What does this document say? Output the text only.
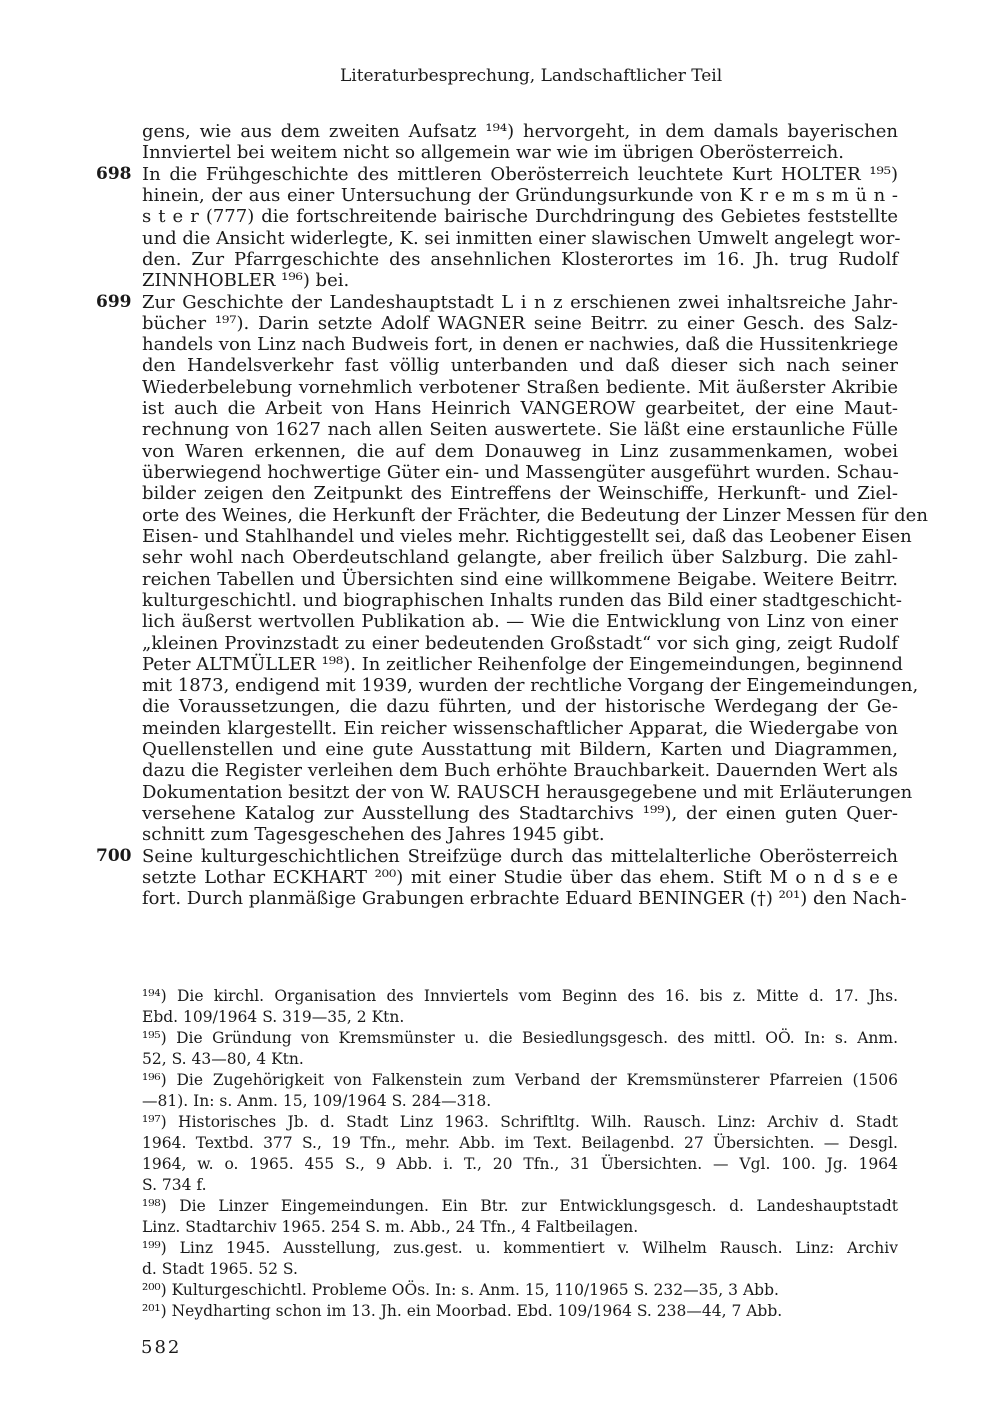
Literaturbesprechung, Landschaftlicher Teil
gens, wie aus dem zweiten Aufsatz ¹⁹⁴) hervorgeht, in dem damals bayerischen
Innviertel bei weitem nicht so allgemein war wie im übrigen Oberösterreich.
698 In die Frühgeschichte des mittleren Oberösterreich leuchtete Kurt HOLTER ¹⁹⁵)
hinein, der aus einer Untersuchung der Gründungsurkunde von K r e m s m ü n -
s t e r (777) die fortschreitende bairische Durchdringung des Gebietes feststellte
und die Ansicht widerlegte, K. sei inmitten einer slawischen Umwelt angelegt wor-
den. Zur Pfarrgeschichte des ansehnlichen Klosterortes im 16. Jh. trug Rudolf
ZINNHOBLER ¹⁹⁶) bei.
699 Zur Geschichte der Landeshauptstadt L i n z erschienen zwei inhaltsreiche Jahr-
bücher ¹⁹⁷). Darin setzte Adolf WAGNER seine Beitrr. zu einer Gesch. des Salz-
handels von Linz nach Budweis fort, in denen er nachwies, daß die Hussitenkriege
den Handelsverkehr fast völlig unterbanden und daß dieser sich nach seiner
Wiederbelebung vornehmlich verbotener Straßen bediente. Mit äußerster Akribie
ist auch die Arbeit von Hans Heinrich VANGEROW gearbeitet, der eine Maut-
rechnung von 1627 nach allen Seiten auswertete. Sie läßt eine erstaunliche Fülle
von Waren erkennen, die auf dem Donauweg in Linz zusammenkamen, wobei
überwiegend hochwertige Güter ein- und Massengüter ausgeführt wurden. Schau-
bilder zeigen den Zeitpunkt des Eintreffens der Weinschiffe, Herkunft- und Ziel-
orte des Weines, die Herkunft der Frächter, die Bedeutung der Linzer Messen für den
Eisen- und Stahlhandel und vieles mehr. Richtiggestellt sei, daß das Leobener Eisen
sehr wohl nach Oberdeutschland gelangte, aber freilich über Salzburg. Die zahl-
reichen Tabellen und Übersichten sind eine willkommene Beigabe. Weitere Beitrr.
kulturgeschichtl. und biographischen Inhalts runden das Bild einer stadtgeschicht-
lich äußerst wertvollen Publikation ab. — Wie die Entwicklung von Linz von einer
„kleinen Provinzstadt zu einer bedeutenden Großstadt“ vor sich ging, zeigt Rudolf
Peter ALTMÜLLER ¹⁹⁸). In zeitlicher Reihenfolge der Eingemeindungen, beginnend
mit 1873, endigend mit 1939, wurden der rechtliche Vorgang der Eingemeindungen,
die Voraussetzungen, die dazu führten, und der historische Werdegang der Ge-
meinden klargestellt. Ein reicher wissenschaftlicher Apparat, die Wiedergabe von
Quellenstellen und eine gute Ausstattung mit Bildern, Karten und Diagrammen,
dazu die Register verleihen dem Buch erhöhte Brauchbarkeit. Dauernden Wert als
Dokumentation besitzt der von W. RAUSCH herausgegebene und mit Erläuterungen
versehene Katalog zur Ausstellung des Stadtarchivs ¹⁹⁹), der einen guten Quer-
schnitt zum Tagesgeschehen des Jahres 1945 gibt.
700 Seine kulturgeschichtlichen Streifzüge durch das mittelalterliche Oberösterreich
setzte Lothar ECKHART ²⁰⁰) mit einer Studie über das ehem. Stift M o n d s e e
fort. Durch planmäßige Grabungen erbrachte Eduard BENINGER (†) ²⁰¹) den Nach-
¹⁹⁴) Die kirchl. Organisation des Innviertels vom Beginn des 16. bis z. Mitte d. 17. Jhs.
Ebd. 109/1964 S. 319—35, 2 Ktn.
¹⁹⁵) Die Gründung von Kremsmünster u. die Besiedlungsgesch. des mittl. OÖ. In: s. Anm.
52, S. 43—80, 4 Ktn.
¹⁹⁶) Die Zugehörigkeit von Falkenstein zum Verband der Kremsmünsterer Pfarreien (1506
—81). In: s. Anm. 15, 109/1964 S. 284—318.
¹⁹⁷) Historisches Jb. d. Stadt Linz 1963. Schriftltg. Wilh. Rausch. Linz: Archiv d. Stadt
1964. Textbd. 377 S., 19 Tfn., mehr. Abb. im Text. Beilagenbd. 27 Übersichten. — Desgl.
1964, w. o. 1965. 455 S., 9 Abb. i. T., 20 Tfn., 31 Übersichten. — Vgl. 100. Jg. 1964
S. 734 f.
¹⁹⁸) Die Linzer Eingemeindungen. Ein Btr. zur Entwicklungsgesch. d. Landeshauptstadt
Linz. Stadtarchiv 1965. 254 S. m. Abb., 24 Tfn., 4 Faltbeilagen.
¹⁹⁹) Linz 1945. Ausstellung, zus.gest. u. kommentiert v. Wilhelm Rausch. Linz: Archiv
d. Stadt 1965. 52 S.
²⁰⁰) Kulturgeschichtl. Probleme OÖs. In: s. Anm. 15, 110/1965 S. 232—35, 3 Abb.
²⁰¹) Neydharting schon im 13. Jh. ein Moorbad. Ebd. 109/1964 S. 238—44, 7 Abb.
582
